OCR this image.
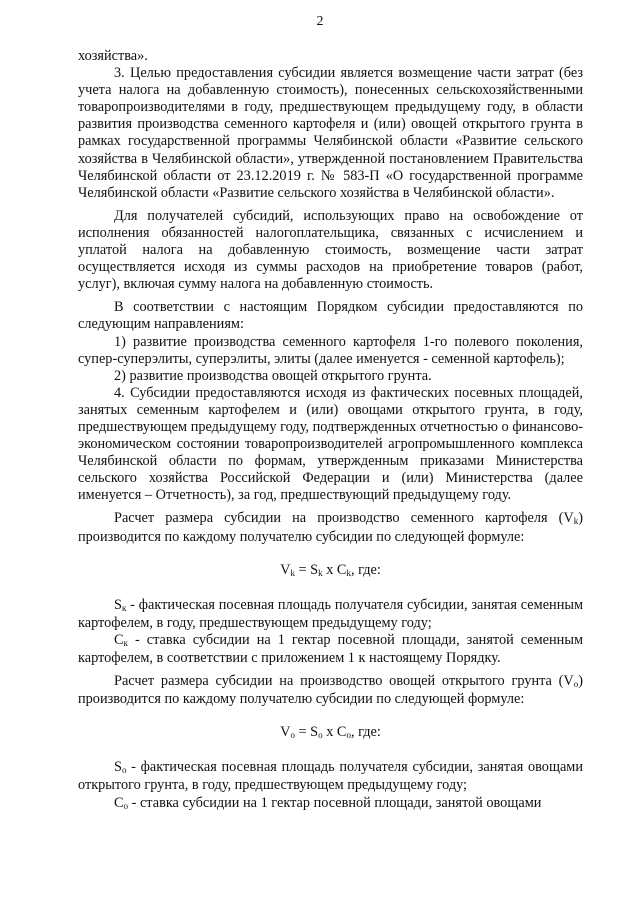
2

хозяйства».

3. Целью предоставления субсидии является возмещение части затрат (без учета налога на добавленную стоимость), понесенных сельскохозяйственными товаропроизводителями в году, предшествующем предыдущему году, в области развития производства семенного картофеля и (или) овощей открытого грунта в рамках государственной программы Челябинской области «Развитие сельского хозяйства в Челябинской области», утвержденной постановлением Правительства Челябинской области от 23.12.2019 г. № 583-П «О государственной программе Челябинской области «Развитие сельского хозяйства в Челябинской области».

Для получателей субсидий, использующих право на освобождение от исполнения обязанностей налогоплательщика, связанных с исчислением и уплатой налога на добавленную стоимость, возмещение части затрат осуществляется исходя из суммы расходов на приобретение товаров (работ, услуг), включая сумму налога на добавленную стоимость.

В соответствии с настоящим Порядком субсидии предоставляются по следующим направлениям:

1) развитие производства семенного картофеля 1-го полевого поколения, супер-суперэлиты, суперэлиты, элиты (далее именуется - семенной картофель);

2) развитие производства овощей открытого грунта.

4. Субсидии предоставляются исходя из фактических посевных площадей, занятых семенным картофелем и (или) овощами открытого грунта, в году, предшествующем предыдущему году, подтвержденных отчетностью о финансово-экономическом состоянии товаропроизводителей агропромышленного комплекса Челябинской области по формам, утвержденным приказами Министерства сельского хозяйства Российской Федерации и (или) Министерства (далее именуется – Отчетность), за год, предшествующий предыдущему году.

Расчет размера субсидии на производство семенного картофеля $(V_k)$ производится по каждому получателю субсидии по следующей формуле:

$V_k = S_k$ x $C_k$, где:

$S_к$ - фактическая посевная площадь получателя субсидии, занятая семенным картофелем, в году, предшествующем предыдущему году;

$С_к$ - ставка субсидии на 1 гектар посевной площади, занятой семенным картофелем, в соответствии с приложением 1 к настоящему Порядку.

Расчет размера субсидии на производство овощей открытого грунта $(V_о)$ производится по каждому получателю субсидии по следующей формуле:

$V_o = S_o$ x $C_o$, где:

$S_о$ - фактическая посевная площадь получателя субсидии, занятая овощами открытого грунта, в году, предшествующем предыдущему году;

$С_о$ - ставка субсидии на 1 гектар посевной площади, занятой овощами
